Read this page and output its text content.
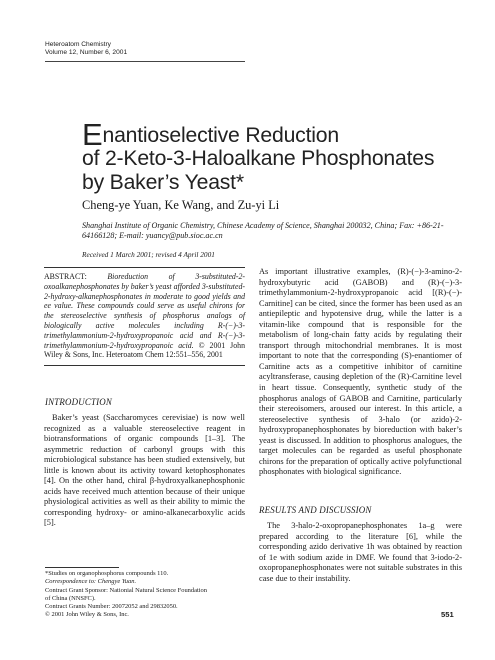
Heteroatom Chemistry
Volume 12, Number 6, 2001
Enantioselective Reduction
of 2-Keto-3-Haloalkane Phosphonates
by Baker’s Yeast*
Cheng-ye Yuan, Ke Wang, and Zu-yi Li
Shanghai Institute of Organic Chemistry, Chinese Academy of Science, Shanghai 200032, China; Fax: +86-21-64166128; E-mail: yuancy@pub.sioc.ac.cn
Received 1 March 2001; revised 4 April 2001
ABSTRACT:	Bioreduction of 3-substituted-2-oxoalkanephosphonates by baker’s yeast afforded 3-substituted-2-hydroxy-alkanephosphonates in moderate to good yields and ee value. These compounds could serve as useful chirons for the stereoselective synthesis of phosphorus analogs of biologically active molecules including R-(−)-3-trimethylammonium-2-hydroxypropanoic acid and R-(−)-3-trimethylammonium-2-hydroxypropanoic acid. © 2001 John Wiley & Sons, Inc. Heteroatom Chem 12:551–556, 2001
INTRODUCTION
Baker’s yeast (Saccharomyces cerevisiae) is now well recognized as a valuable stereoselective reagent in biotransformations of organic compounds [1–3]. The asymmetric reduction of carbonyl groups with this microbiological substance has been studied extensively, but little is known about its activity toward ketophosphonates [4]. On the other hand, chiral β-hydroxyalkanephosphonic acids have received much attention because of their unique physiological activities as well as their ability to mimic the corresponding hydroxy- or amino-alkanecarboxylic acids [5].
As important illustrative examples, (R)-(−)-3-amino-2-hydroxybutyric acid (GABOB) and (R)-(−)-3-trimethylammonium-2-hydroxypropanoic acid [(R)-(−)-Carnitine] can be cited, since the former has been used as an antiepileptic and hypotensive drug, while the latter is a vitamin-like compound that is responsible for the metabolism of long-chain fatty acids by regulating their transport through mitochondrial membranes. It is most important to note that the corresponding (S)-enantiomer of Carnitine acts as a competitive inhibitor of carnitine acyltransferase, causing depletion of the (R)-Carnitine level in heart tissue. Consequently, synthetic study of the phosphorus analogs of GABOB and Carnitine, particularly their stereoisomers, aroused our interest. In this article, a stereoselective synthesis of 3-halo (or azido)-2-hydroxypropanephosphonates by bioreduction with baker’s yeast is discussed. In addition to phosphorus analogues, the target molecules can be regarded as useful phosphonate chirons for the preparation of optically active polyfunctional phosphonates with biological significance.
RESULTS AND DISCUSSION
The 3-halo-2-oxopropanephosphonates 1a–g were prepared according to the literature [6], while the corresponding azido derivative 1h was obtained by reaction of 1e with sodium azide in DMF. We found that 3-iodo-2-oxopropanephosphonates were not suitable substrates in this case due to their instability.
*Studies on organophosphorus compounds 110.
Correspondence to: Chengye Yuan.
Contract Grant Sponsor: Nationial Natural Science Foundation
of China (NNSFC).
Contract Grants Number: 20072052 and 29832050.
© 2001 John Wiley & Sons, Inc.	551
